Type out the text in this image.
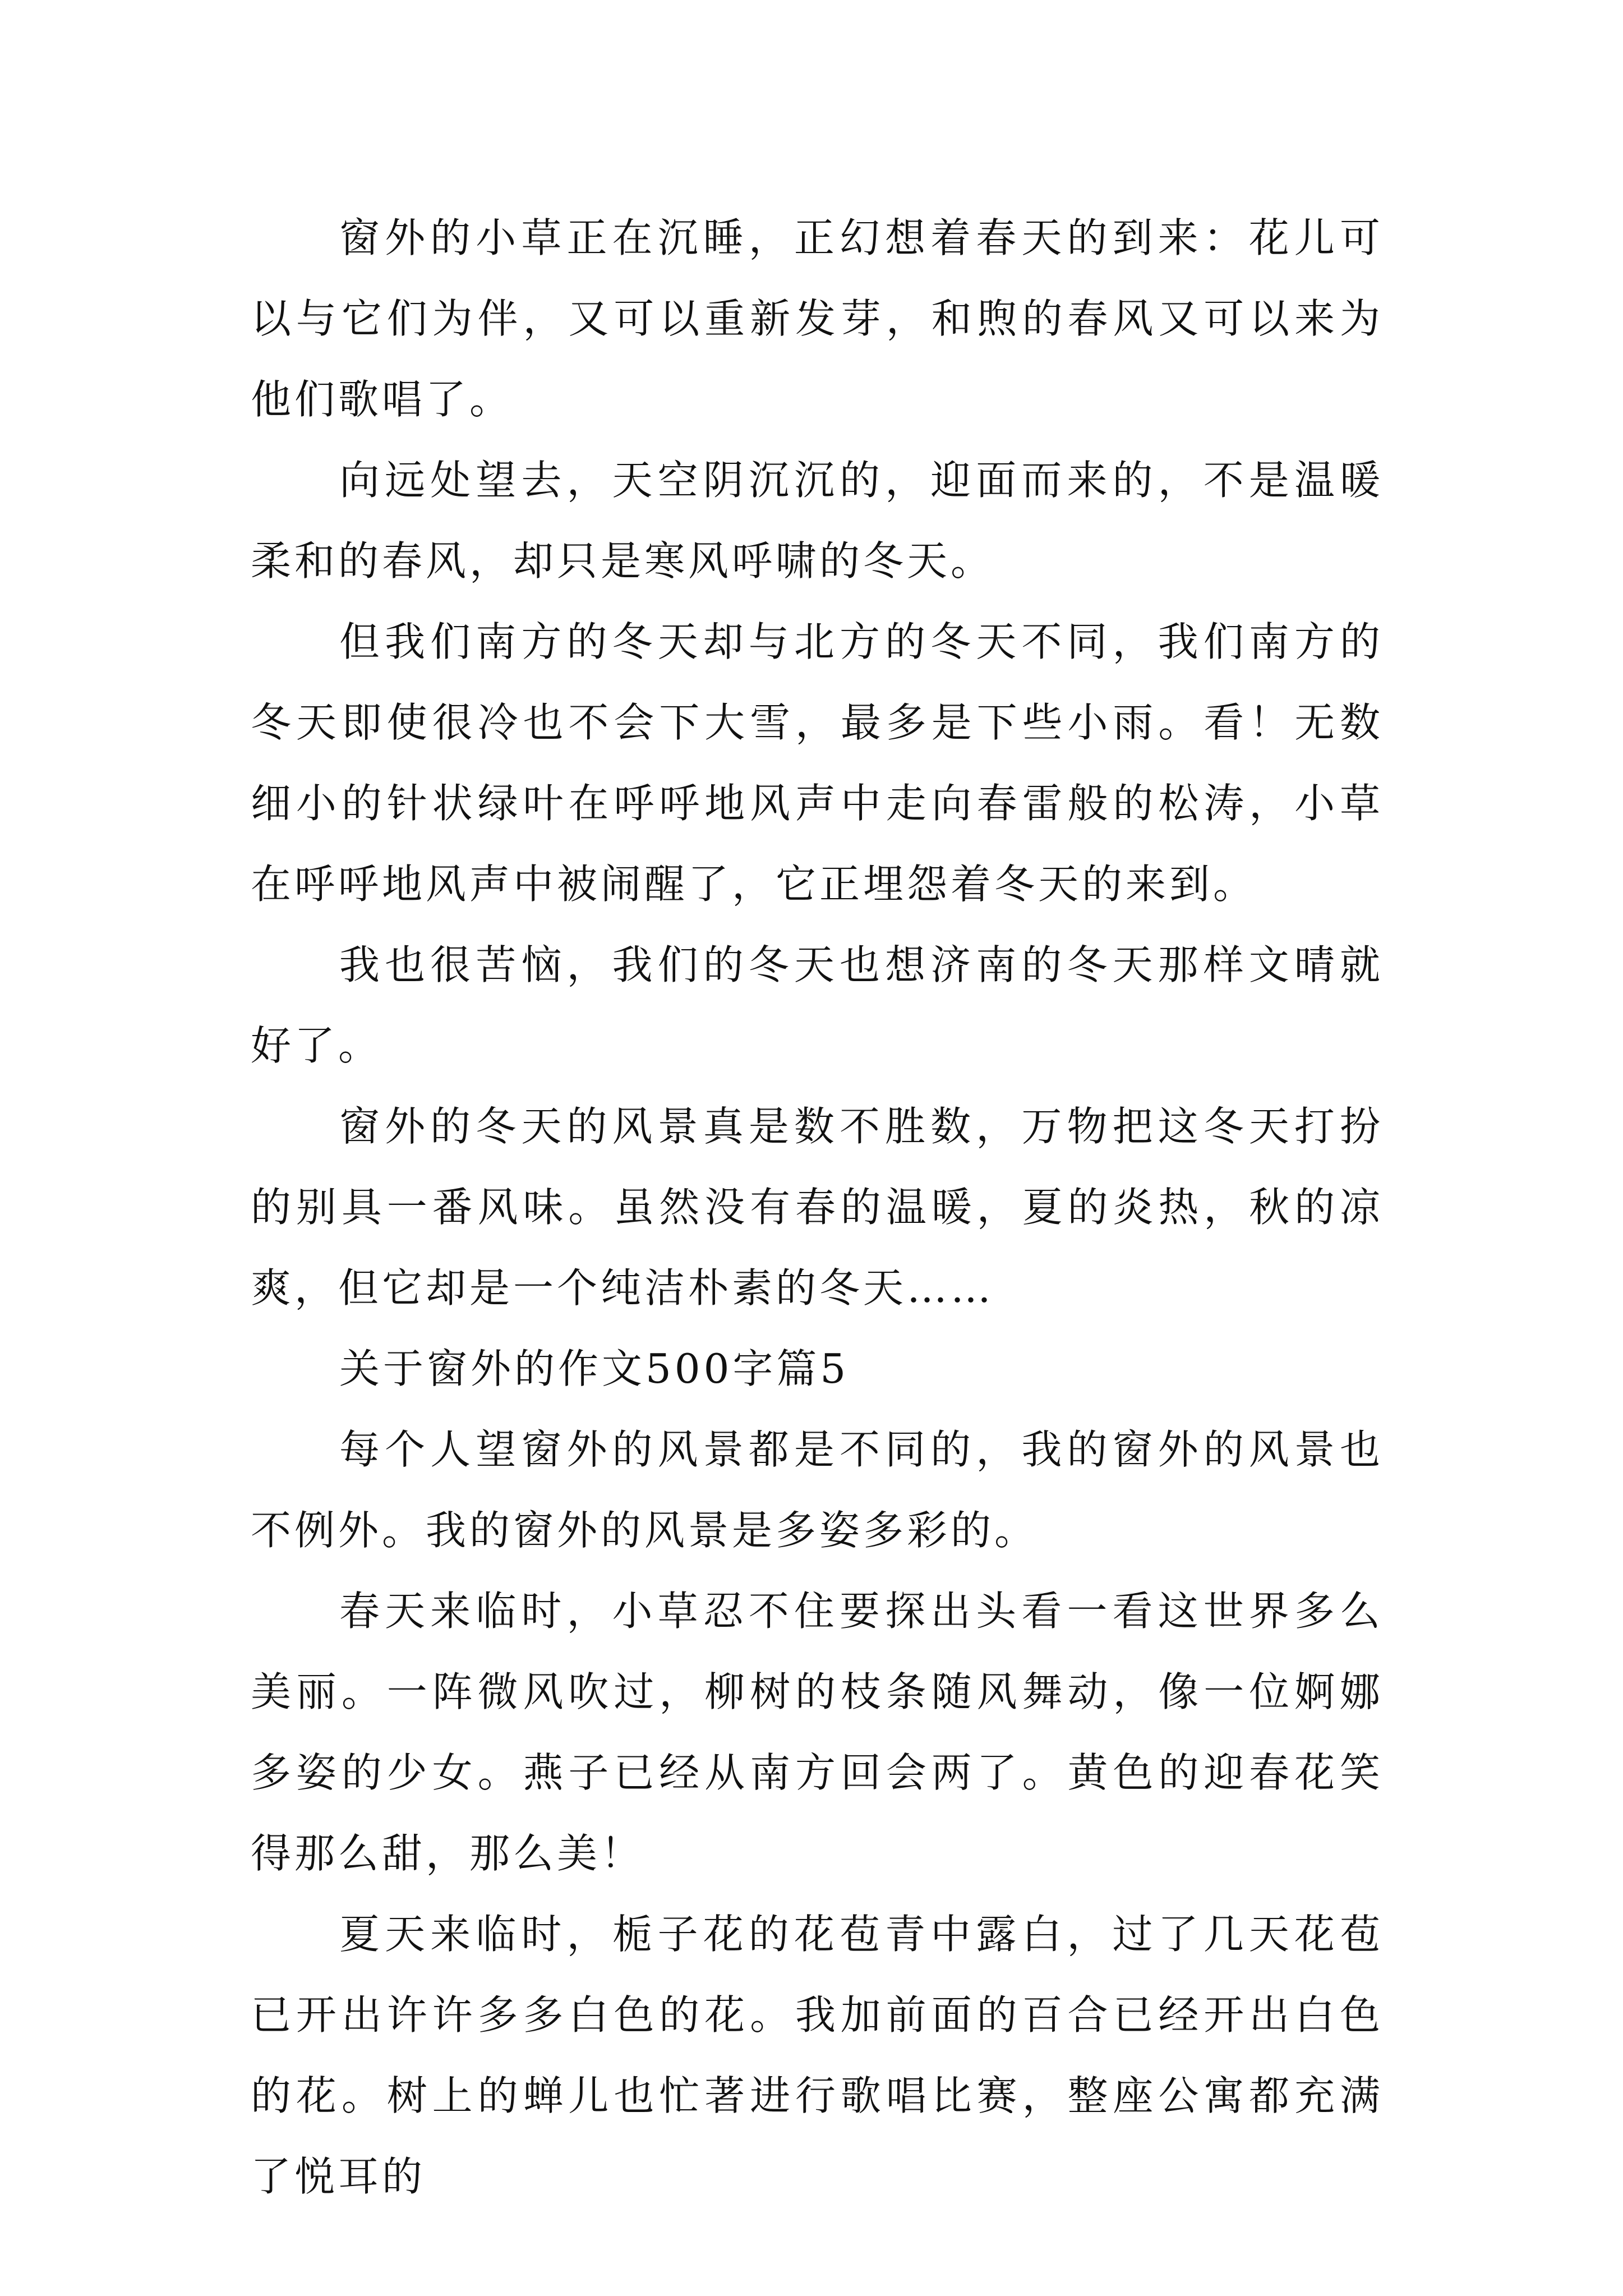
窗外的小草正在沉睡，正幻想着春天的到来：花儿可以与它们为伴，又可以重新发芽，和煦的春风又可以来为他们歌唱了。

向远处望去，天空阴沉沉的，迎面而来的，不是温暖柔和的春风，却只是寒风呼啸的冬天。

但我们南方的冬天却与北方的冬天不同，我们南方的冬天即使很冷也不会下大雪，最多是下些小雨。看！无数细小的针状绿叶在呼呼地风声中走向春雷般的松涛，小草在呼呼地风声中被闹醒了，它正埋怨着冬天的来到。

我也很苦恼，我们的冬天也想济南的冬天那样文晴就好了。

窗外的冬天的风景真是数不胜数，万物把这冬天打扮的别具一番风味。虽然没有春的温暖，夏的炎热，秋的凉爽，但它却是一个纯洁朴素的冬天……

关于窗外的作文500字篇5

每个人望窗外的风景都是不同的，我的窗外的风景也不例外。我的窗外的风景是多姿多彩的。

春天来临时，小草忍不住要探出头看一看这世界多么美丽。一阵微风吹过，柳树的枝条随风舞动，像一位婀娜多姿的少女。燕子已经从南方回会两了。黄色的迎春花笑得那么甜，那么美！

夏天来临时，栀子花的花苞青中露白，过了几天花苞已开出许许多多白色的花。我加前面的百合已经开出白色的花。树上的蝉儿也忙著进行歌唱比赛，整座公寓都充满了悦耳的
